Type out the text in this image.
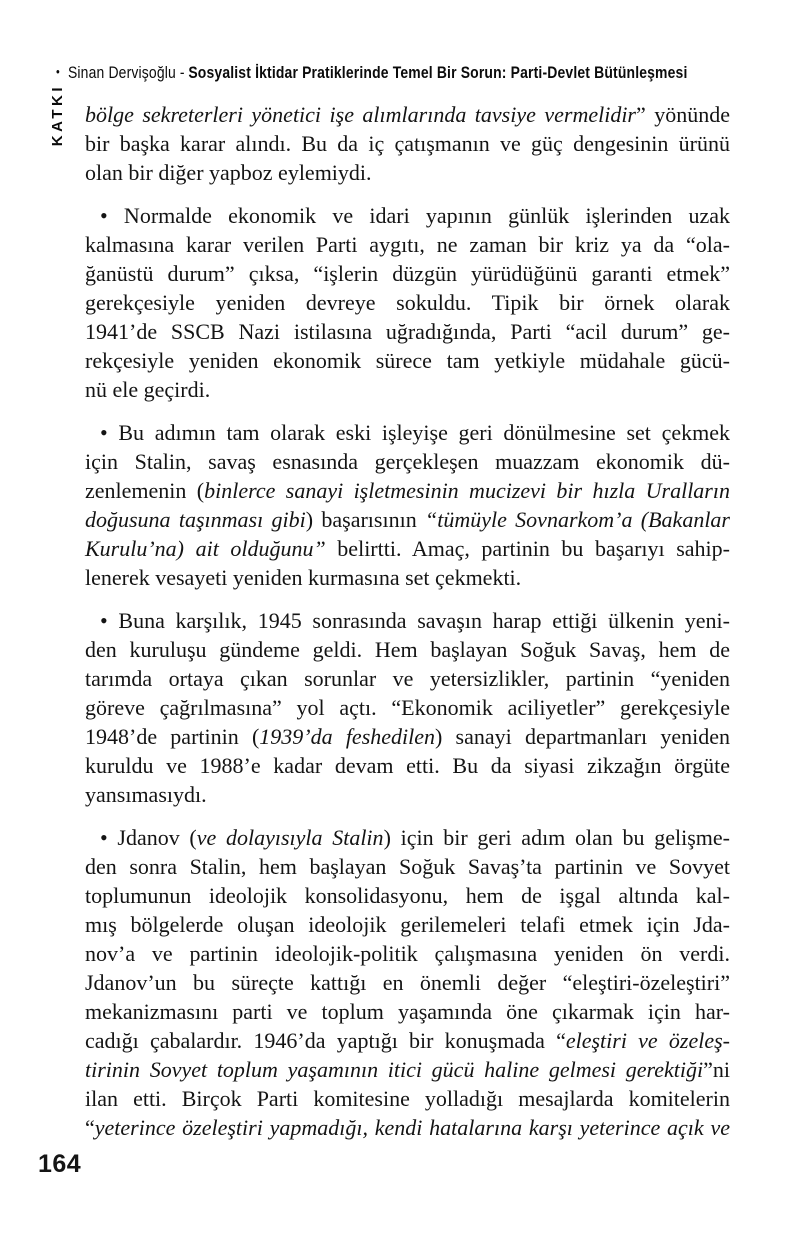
• Sinan Dervişoğlu - Sosyalist İktidar Pratiklerinde Temel Bir Sorun: Parti-Devlet Bütünleşmesi
KATKI bölge sekreterleri yönetici işe alımlarında tavsiye vermelidir” yönünde
bir başka karar alındı. Bu da iç çatışmanın ve güç dengesinin ürünü
olan bir diğer yapboz eylemiydi.
• Normalde ekonomik ve idari yapının günlük işlerinden uzak
kalmasına karar verilen Parti aygıtı, ne zaman bir kriz ya da “ola-
ğanüstü durum” çıksa, “işlerin düzgün yürüdüğünü garanti etmek”
gerekçesiyle yeniden devreye sokuldu. Tipik bir örnek olarak
1941’de SSCB Nazi istilasına uğradığında, Parti “acil durum” ge-
rekçesiyle yeniden ekonomik sürece tam yetkiyle müdahale gücü-
nü ele geçirdi.
• Bu adımın tam olarak eski işleyişe geri dönülmesine set çekmek
için Stalin, savaş esnasında gerçekleşen muazzam ekonomik dü-
zenlemenin (binlerce sanayi işletmesinin mucizevi bir hızla Uralların
doğusuna taşınması gibi) başarısının “tümüyle Sovnarkom’a (Bakanlar
Kurulu’na) ait olduğunu” belirtti. Amaç, partinin bu başarıyı sahip-
lenerek vesayeti yeniden kurmasına set çekmekti.
• Buna karşılık, 1945 sonrasında savaşın harap ettiği ülkenin yeni-
den kuruluşu gündeme geldi. Hem başlayan Soğuk Savaş, hem de
tarımda ortaya çıkan sorunlar ve yetersizlikler, partinin “yeniden
göreve çağrılmasına” yol açtı. “Ekonomik aciliyetler” gerekçesiyle
1948’de partinin (1939’da feshedilen) sanayi departmanları yeniden
kuruldu ve 1988’e kadar devam etti. Bu da siyasi zikzağın örgüte
yansımasıydı.
• Jdanov (ve dolayısıyla Stalin) için bir geri adım olan bu gelişme-
den sonra Stalin, hem başlayan Soğuk Savaş’ta partinin ve Sovyet
toplumunun ideolojik konsolidasyonu, hem de işgal altında kal-
mış bölgelerde oluşan ideolojik gerilemeleri telafi etmek için Jda-
nov’a ve partinin ideolojik-politik çalışmasına yeniden ön verdi.
Jdanov’un bu süreçte kattığı en önemli değer “eleştiri-özeleştiri”
mekanizmasını parti ve toplum yaşamında öne çıkarmak için har-
cadığı çabalardır. 1946’da yaptığı bir konuşmada “eleştiri ve özeleş-
tirinin Sovyet toplum yaşamının itici gücü haline gelmesi gerektiği”ni
ilan etti. Birçok Parti komitesine yolladığı mesajlarda komitelerin
“yeterince özeleştiri yapmadığı, kendi hatalarına karşı yeterince açık ve
164
